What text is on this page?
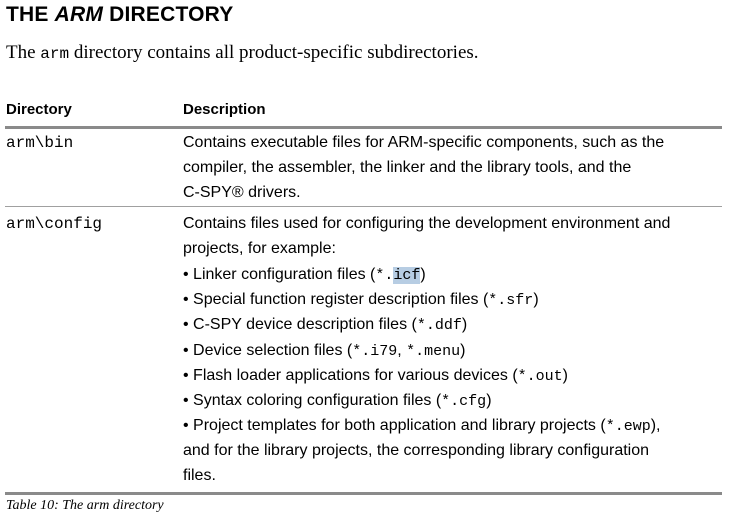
THE ARM DIRECTORY
The arm directory contains all product-specific subdirectories.
Directory	Description
arm\bin	Contains executable files for ARM-specific components, such as the
compiler, the assembler, the linker and the library tools, and the
C-SPY® drivers.
arm\config	Contains files used for configuring the development environment and
projects, for example:
• Linker configuration files (*.icf)
• Special function register description files (*.sfr)
• C-SPY device description files (*.ddf)
• Device selection files (*.i79, *.menu)
• Flash loader applications for various devices (*.out)
• Syntax coloring configuration files (*.cfg)
• Project templates for both application and library projects (*.ewp),
and for the library projects, the corresponding library configuration
files.
Table 10: The arm directory
